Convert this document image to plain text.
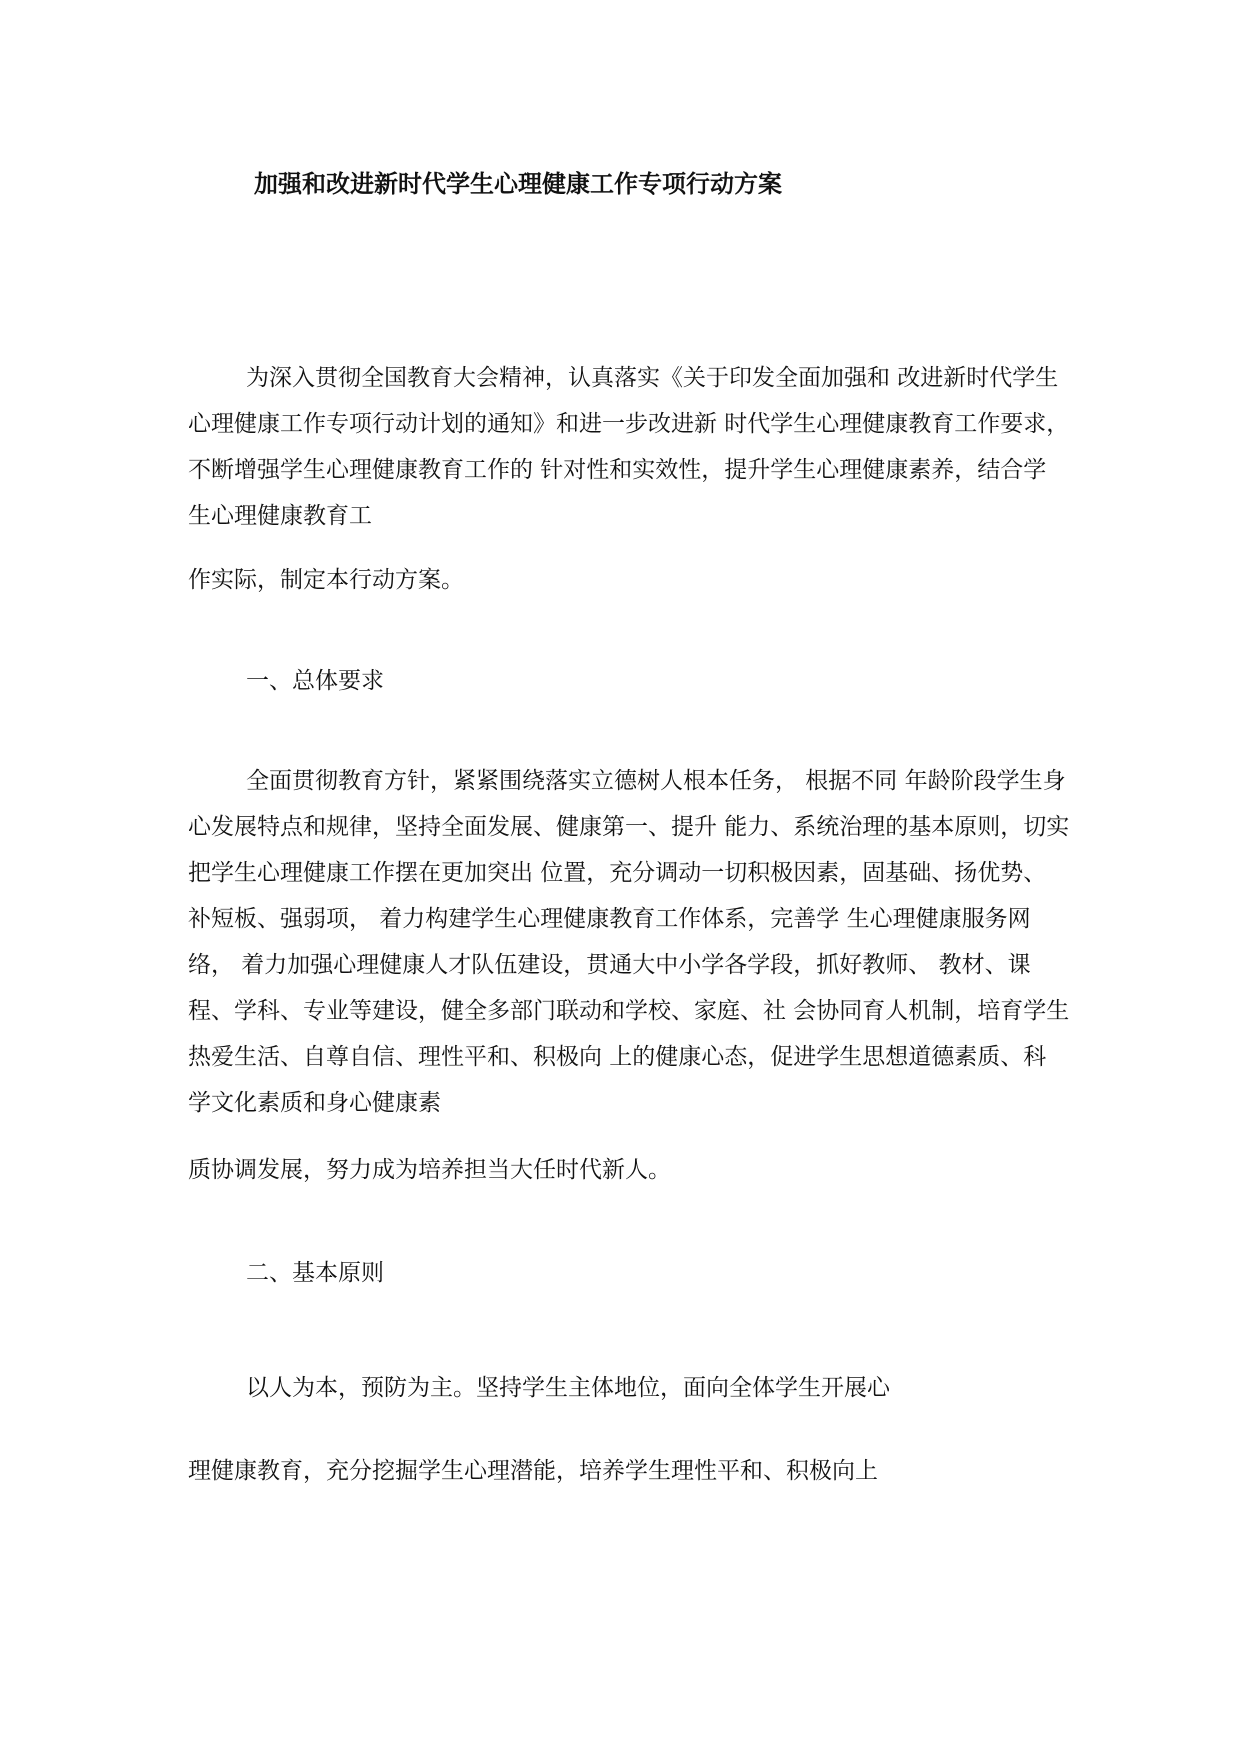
加强和改进新时代学生心理健康工作专项行动方案
为深入贯彻全国教育大会精神，认真落实《关于印发全面加强和 改进新时代学生
心理健康工作专项行动计划的通知》和进一步改进新 时代学生心理健康教育工作要求，
不断增强学生心理健康教育工作的 针对性和实效性，提升学生心理健康素养，结合学
生心理健康教育工
作实际，制定本行动方案。
一、总体要求
全面贯彻教育方针，紧紧围绕落实立德树人根本任务， 根据不同 年龄阶段学生身
心发展特点和规律，坚持全面发展、健康第一、提升 能力、系统治理的基本原则，切实
把学生心理健康工作摆在更加突出 位置，充分调动一切积极因素，固基础、扬优势、
补短板、强弱项， 着力构建学生心理健康教育工作体系，完善学 生心理健康服务网
络， 着力加强心理健康人才队伍建设，贯通大中小学各学段，抓好教师、 教材、课
程、学科、专业等建设，健全多部门联动和学校、家庭、社 会协同育人机制，培育学生
热爱生活、自尊自信、理性平和、积极向 上的健康心态，促进学生思想道德素质、科
学文化素质和身心健康素
质协调发展，努力成为培养担当大任时代新人。
二、基本原则
以人为本，预防为主。坚持学生主体地位，面向全体学生开展心
理健康教育，充分挖掘学生心理潜能，培养学生理性平和、积极向上
